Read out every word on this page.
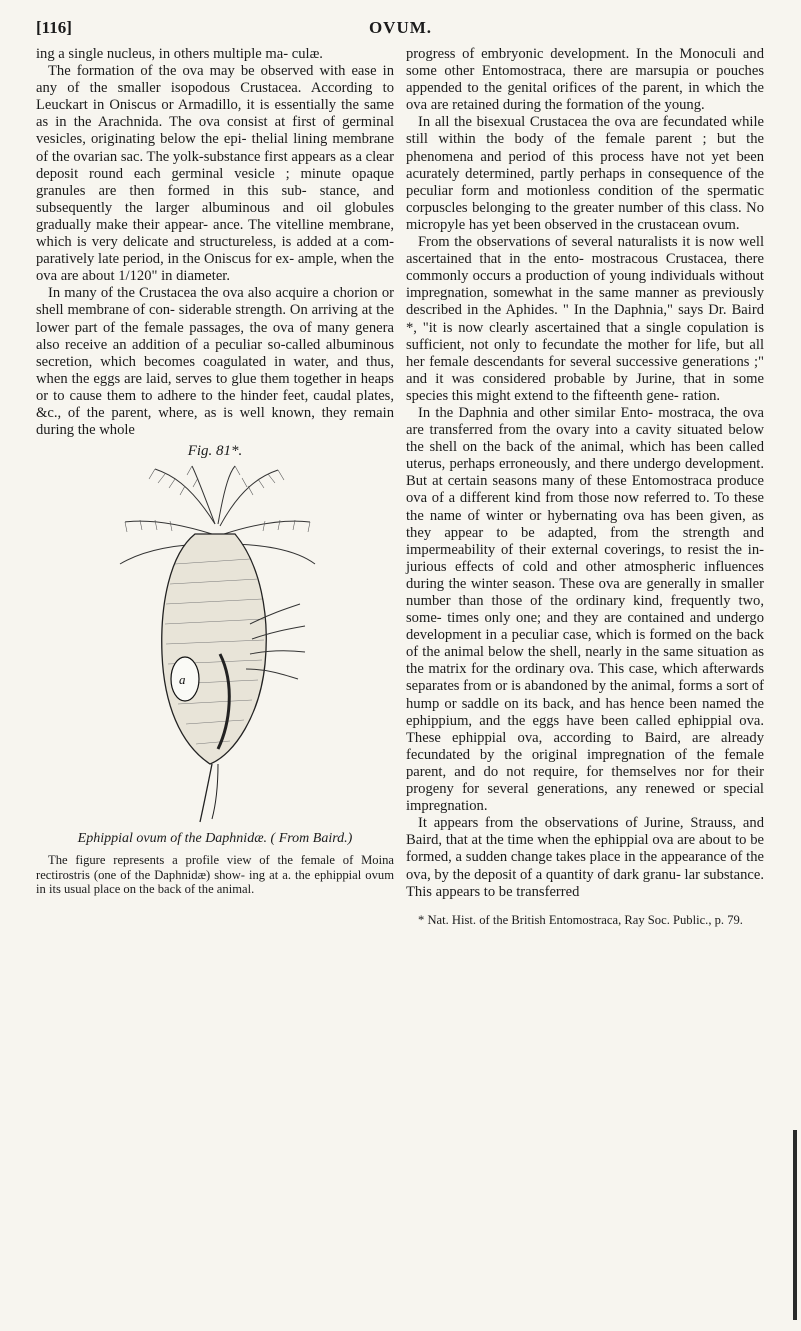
[116]	OVUM.

ing a single nucleus, in others multiple ma- culæ.

The formation of the ova may be observed with ease in any of the smaller isopodous Crustacea. According to Leuckart in Oniscus or Armadillo, it is essentially the same as in the Arachnida. The ova consist at first of germinal vesicles, originating below the epi- thelial lining membrane of the ovarian sac. The yolk-substance first appears as a clear deposit round each germinal vesicle ; minute opaque granules are then formed in this sub- stance, and subsequently the larger albuminous and oil globules gradually make their appear- ance. The vitelline membrane, which is very delicate and structureless, is added at a com- paratively late period, in the Oniscus for ex- ample, when the ova are about 1/120" in diameter.

In many of the Crustacea the ova also acquire a chorion or shell membrane of con- siderable strength. On arriving at the lower part of the female passages, the ova of many genera also receive an addition of a peculiar so-called albuminous secretion, which becomes coagulated in water, and thus, when the eggs are laid, serves to glue them together in heaps or to cause them to adhere to the hinder feet, caudal plates, &c., of the parent, where, as is well known, they remain during the whole

Fig. 81*.
a
Ephippial ovum of the Daphnidæ. ( From Baird.)
The figure represents a profile view of the female of Moina rectirostris (one of the Daphnidæ) show- ing at a. the ephippial ovum in its usual place on the back of the animal.

progress of embryonic development. In the Monoculi and some other Entomostraca, there are marsupia or pouches appended to the genital orifices of the parent, in which the ova are retained during the formation of the young.

In all the bisexual Crustacea the ova are fecundated while still within the body of the female parent ; but the phenomena and period of this process have not yet been acurately determined, partly perhaps in consequence of the peculiar form and motionless condition of the spermatic corpuscles belonging to the greater number of this class. No micropyle has yet been observed in the crustacean ovum.

From the observations of several naturalists it is now well ascertained that in the ento- mostracous Crustacea, there commonly occurs a production of young individuals without impregnation, somewhat in the same manner as previously described in the Aphides. " In the Daphnia," says Dr. Baird *, "it is now clearly ascertained that a single copulation is sufficient, not only to fecundate the mother for life, but all her female descendants for several successive generations ;" and it was considered probable by Jurine, that in some species this might extend to the fifteenth gene- ration.

In the Daphnia and other similar Ento- mostraca, the ova are transferred from the ovary into a cavity situated below the shell on the back of the animal, which has been called uterus, perhaps erroneously, and there undergo development. But at certain seasons many of these Entomostraca produce ova of a different kind from those now referred to. To these the name of winter or hybernating ova has been given, as they appear to be adapted, from the strength and impermeability of their external coverings, to resist the in- jurious effects of cold and other atmospheric influences during the winter season. These ova are generally in smaller number than those of the ordinary kind, frequently two, some- times only one; and they are contained and undergo development in a peculiar case, which is formed on the back of the animal below the shell, nearly in the same situation as the matrix for the ordinary ova. This case, which afterwards separates from or is abandoned by the animal, forms a sort of hump or saddle on its back, and has hence been named the ephippium, and the eggs have been called ephippial ova. These ephippial ova, according to Baird, are already fecundated by the original impregnation of the female parent, and do not require, for themselves nor for their progeny for several generations, any renewed or special impregnation.

It appears from the observations of Jurine, Strauss, and Baird, that at the time when the ephippial ova are about to be formed, a sudden change takes place in the appearance of the ova, by the deposit of a quantity of dark granu- lar substance. This appears to be transferred

* Nat. Hist. of the British Entomostraca, Ray Soc. Public., p. 79.
